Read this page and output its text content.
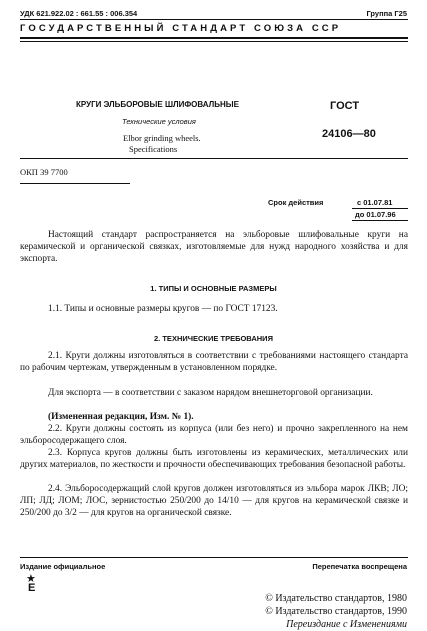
УДК 621.922.02 : 661.55 : 006.354	Группа Г25
ГОСУДАРСТВЕННЫЙ СТАНДАРТ СОЮЗА ССР
КРУГИ ЭЛЬБОРОВЫЕ ШЛИФОВАЛЬНЫЕ
Технические условия
Elbor grinding wheels.
Specifications
ГОСТ
24106—80
ОКП 39 7700
Срок действия	с 01.07.81
до 01.07.96
Настоящий стандарт распространяется на эльборовые шлифовальные круги на керамической и органической связках, изготовляемые для нужд народного хозяйства и для экспорта.
1. ТИПЫ И ОСНОВНЫЕ РАЗМЕРЫ
1.1. Типы и основные размеры кругов — по ГОСТ 17123.
2. ТЕХНИЧЕСКИЕ ТРЕБОВАНИЯ
2.1. Круги должны изготовляться в соответствии с требованиями настоящего стандарта по рабочим чертежам, утвержденным в установленном порядке.
Для экспорта — в соответствии с заказом нарядом внешнеторговой организации.
(Измененная редакция, Изм. № 1).
2.2. Круги должны состоять из корпуса (или без него) и прочно закрепленного на нем эльборосодержащего слоя.
2.3. Корпуса кругов должны быть изготовлены из керамических, металлических или других материалов, по жесткости и прочности обеспечивающих требования безопасной работы.
2.4. Эльборосодержащий слой кругов должен изготовляться из эльбора марок ЛКВ; ЛО; ЛП; ЛД; ЛОМ; ЛОС, зернистостью 250/200 до 14/10 — для кругов на керамической связке и 250/200 до 3/2 — для кругов на органической связке.
Издание официальное	Перепечатка воспрещена
★
Е
© Издательство стандартов, 1980
© Издательство стандартов, 1990
Переиздание с Изменениями
